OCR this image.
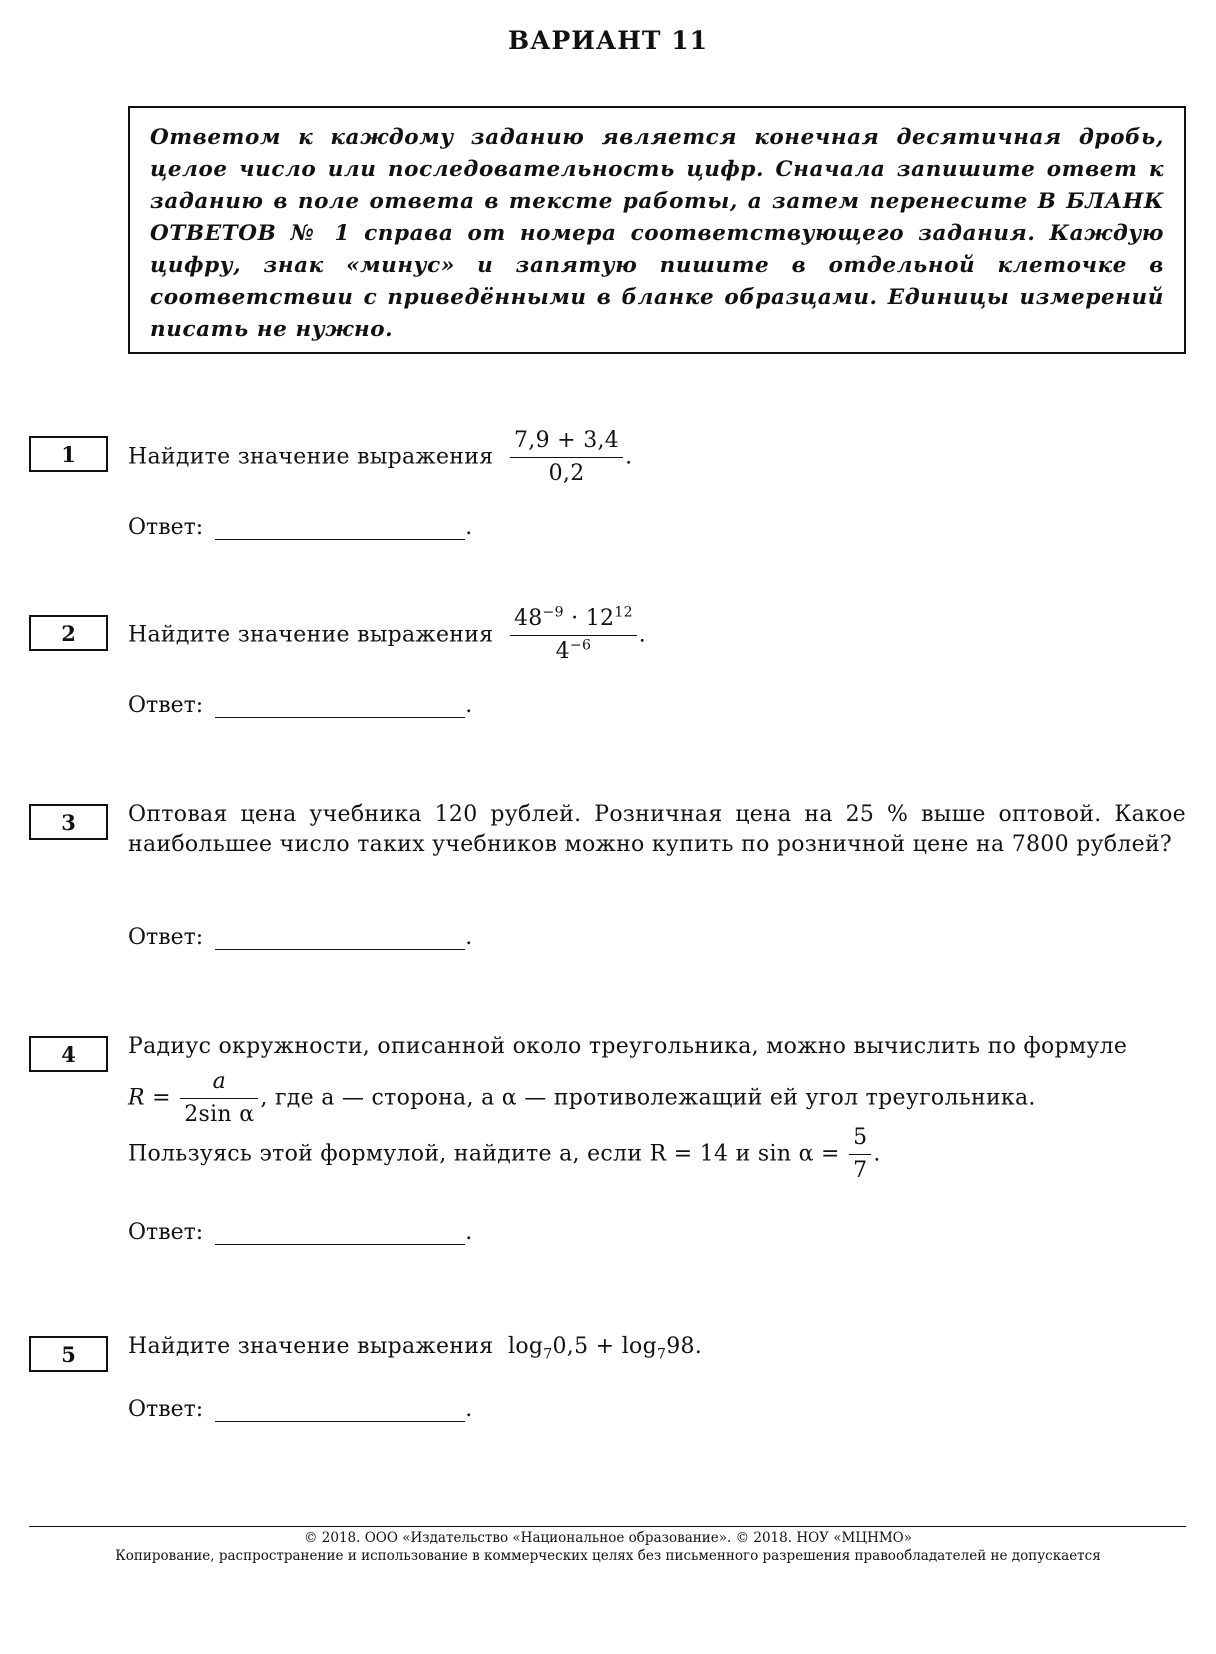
ВАРИАНТ 11

Ответом к каждому заданию является конечная десятичная дробь, целое число или последовательность цифр. Сначала запишите ответ к заданию в поле ответа в тексте работы, а затем перенесите В БЛАНК ОТВЕТОВ № 1 справа от номера соответствующего задания. Каждую цифру, знак «минус» и запятую пишите в отдельной клеточке в соответствии с приведёнными в бланке образцами. Единицы измерений писать не нужно.

1	Найдите значение выражения $\frac{7,9 + 3,4}{0,2}$ .
Ответ:	.
2	Найдите значение выражения $\frac{48^{-9} \cdot 12^{12}}{4^{-6}}$ .
Ответ:	.
3	Оптовая цена учебника 120 рублей. Розничная цена на 25 % выше оптовой. Какое наибольшее число таких учебников можно купить по розничной цене на 7800 рублей?
Ответ:	.
4	Радиус окружности, описанной около треугольника, можно вычислить по формуле
$R = \frac{a}{\text{2sin α}}$ , где a — сторона, а α — противолежащий ей угол треугольника.
Пользуясь этой формулой, найдите a, если R = 14 и $\sin \alpha = \frac{5}{7}$ .
Ответ:	.
5	Найдите значение выражения $\log_70,5 + \log_798$.
Ответ:	.
© 2018. ООО «Издательство «Национальное образование». © 2018. НОУ «МЦНМО»
Копирование, распространение и использование в коммерческих целях без письменного разрешения правообладателей не допускается
